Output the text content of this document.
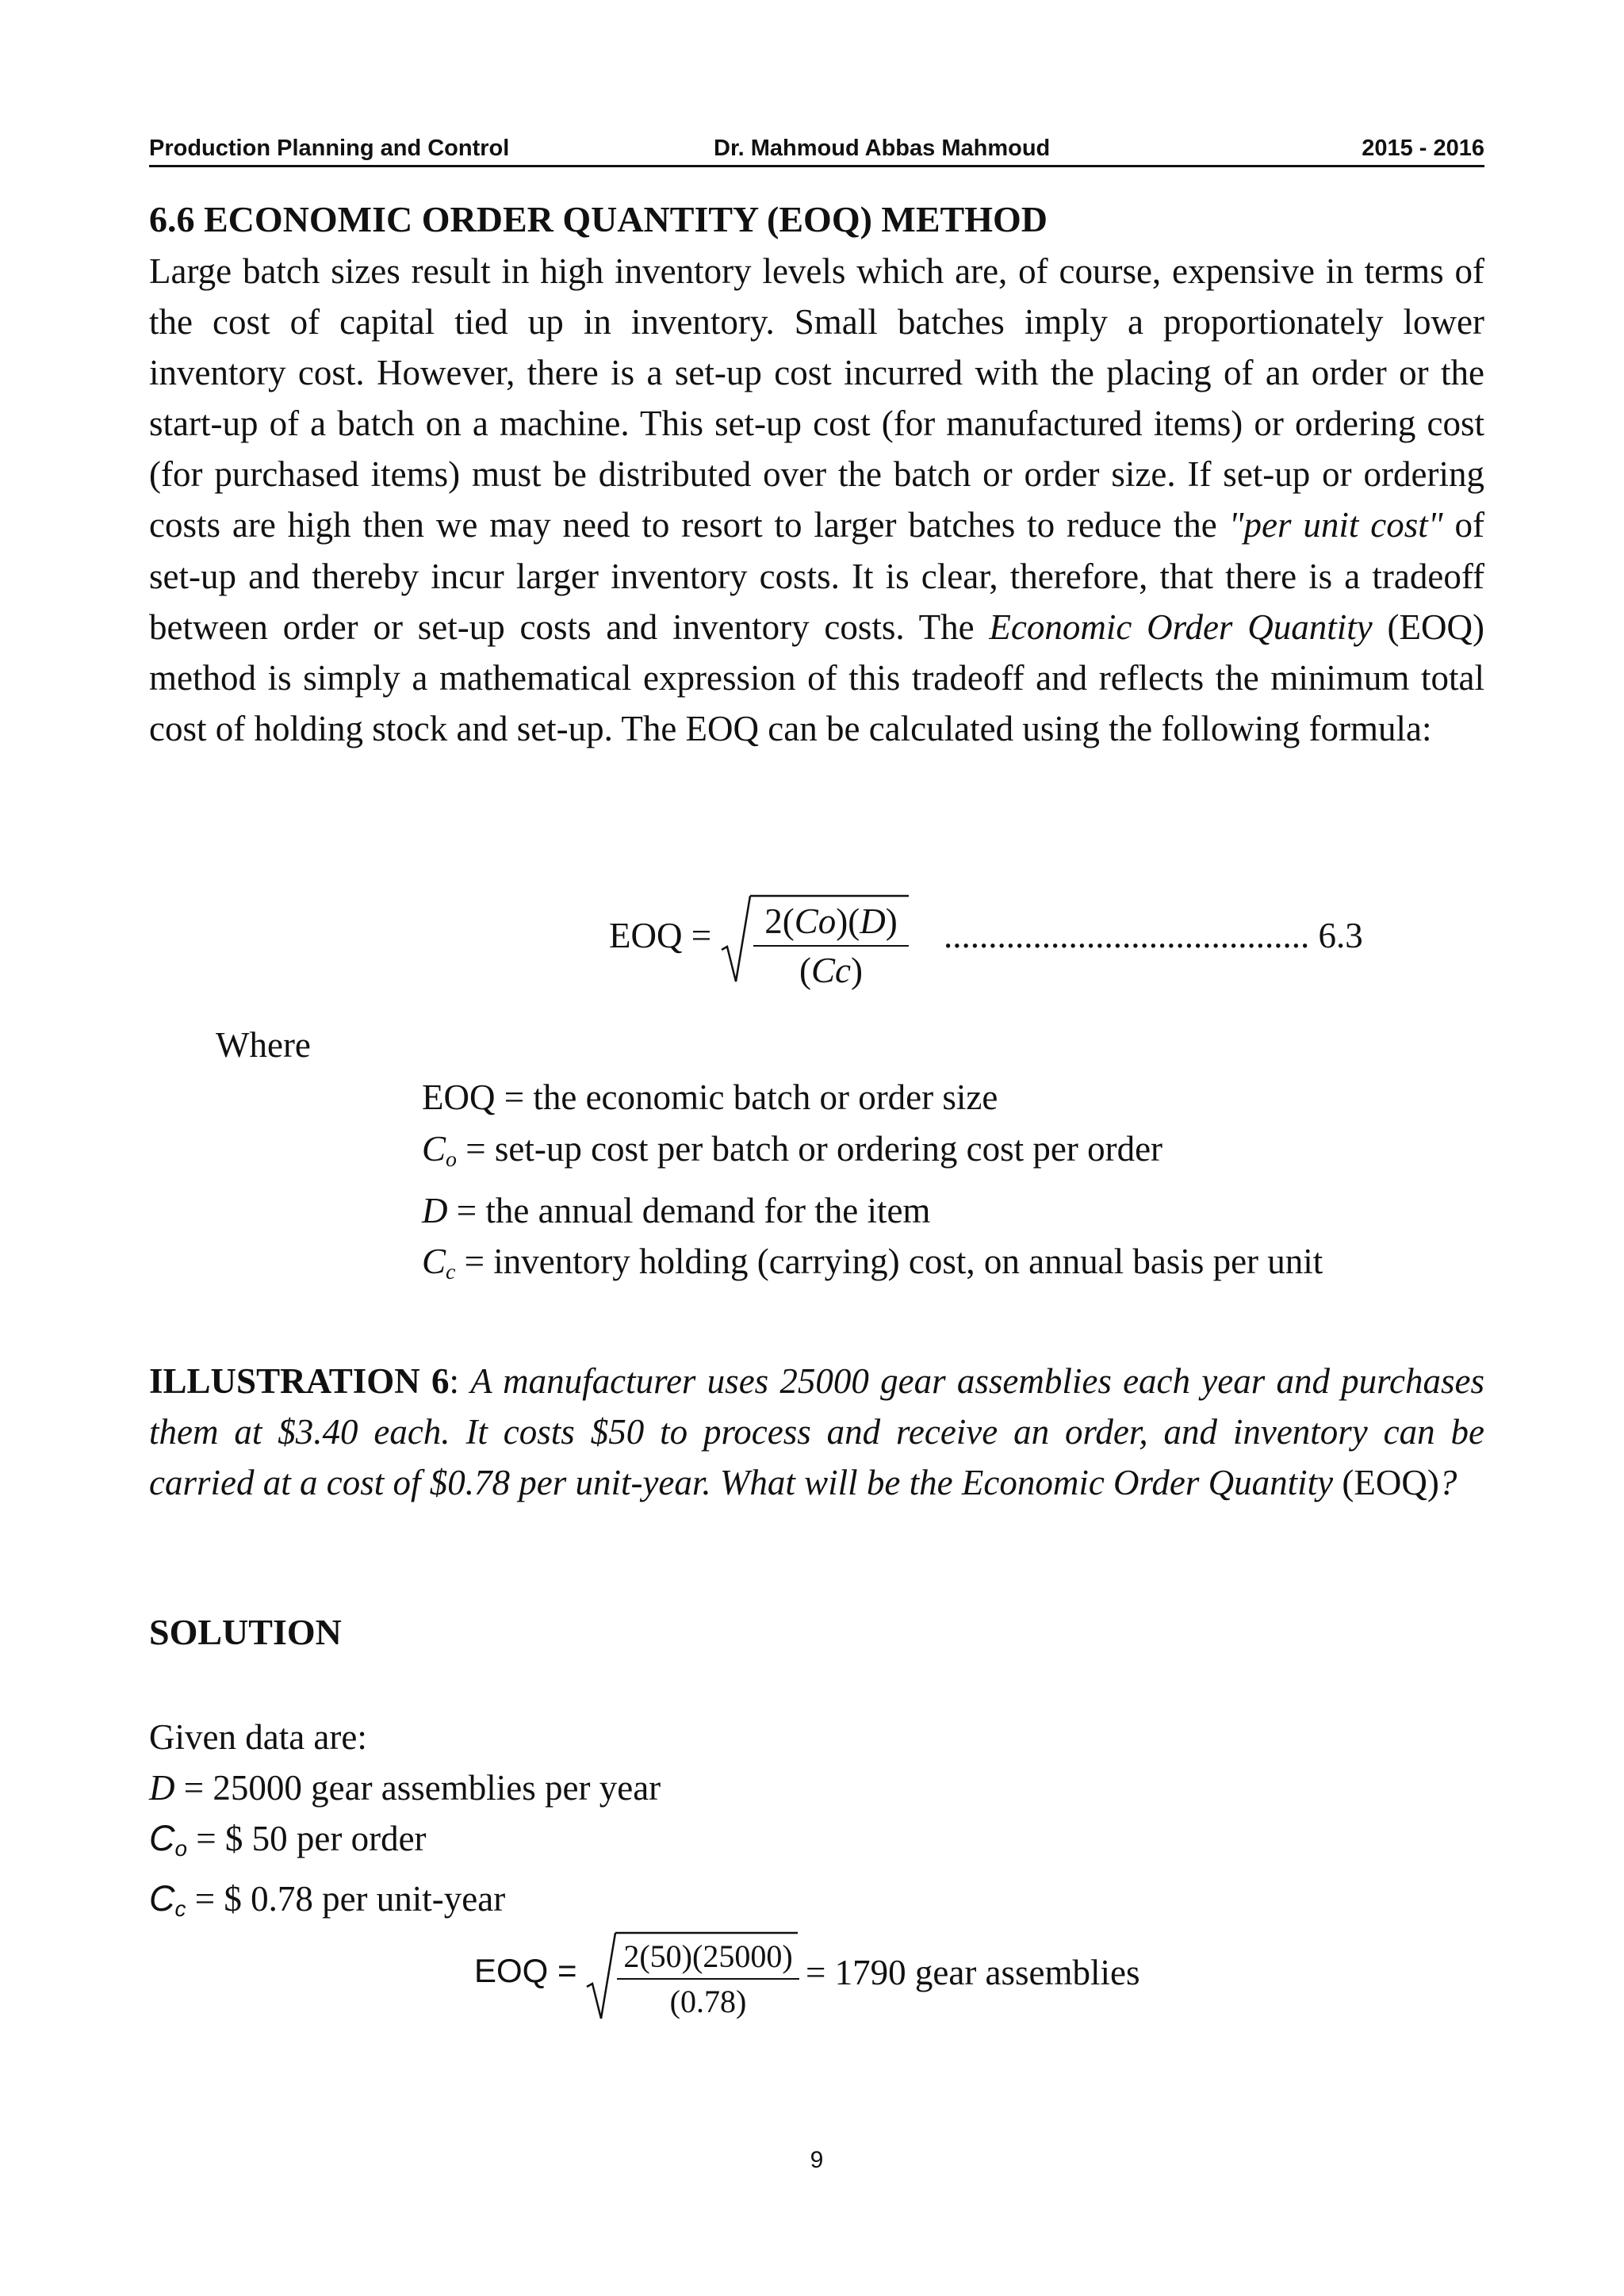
Production Planning and Control	Dr. Mahmoud Abbas Mahmoud	2015 - 2016
6.6 ECONOMIC ORDER QUANTITY (EOQ) METHOD

Large batch sizes result in high inventory levels which are, of course, expensive in terms of the cost of capital tied up in inventory. Small batches imply a proportionately lower inventory cost. However, there is a set-up cost incurred with the placing of an order or the start-up of a batch on a machine. This set-up cost (for manufactured items) or ordering cost (for purchased items) must be distributed over the batch or order size. If set-up or ordering costs are high then we may need to resort to larger batches to reduce the "per unit cost" of set-up and thereby incur larger inventory costs. It is clear, therefore, that there is a tradeoff between order or set-up costs and inventory costs. The Economic Order Quantity (EOQ) method is simply a mathematical expression of this tradeoff and reflects the minimum total cost of holding stock and set-up. The EOQ can be calculated using the following formula:

EOQ = $\frac{2(Co)(D)}{(Cc)}$ ......................................... 6.3
Where
EOQ = the economic batch or order size
$C_o = set-up$ cost per batch or ordering cost per order
D = the annual demand for the item
$C_c$ = inventory holding (carrying) cost, on annual basis per unit

ILLUSTRATION 6: A manufacturer uses 25000 gear assemblies each year and purchases them at $3.40 each. It costs $50 to process and receive an order, and inventory can be carried at a cost of $0.78 per unit-year. What will be the Economic Order Quantity (EOQ)?

SOLUTION
Given data are:
D = 25000 gear assemblies per year
$C_o$ = $ 50 per order
$C_c$ = $ 0.78 per unit-year
EOQ = $\frac{2(50)(25000)}{(0.78)} = 1790$ gear assemblies
9
